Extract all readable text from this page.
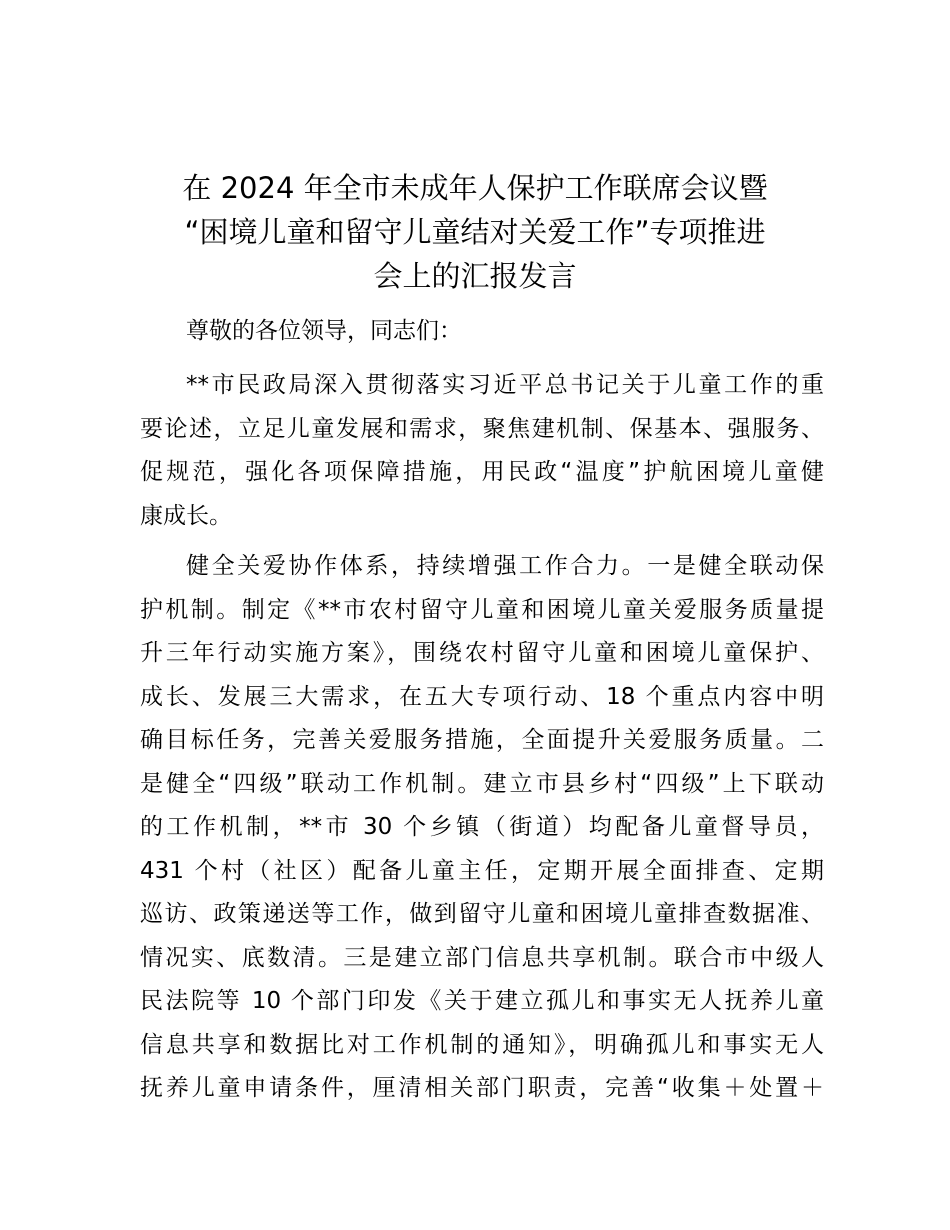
在 2024 年全市未成年人保护工作联席会议暨
“困境儿童和留守儿童结对关爱工作”专项推进
会上的汇报发言

尊敬的各位领导，同志们：

**市民政局深入贯彻落实习近平总书记关于儿童工作的重
要论述，立足儿童发展和需求，聚焦建机制、保基本、强服务、
促规范，强化各项保障措施，用民政“温度”护航困境儿童健
康成长。

健全关爱协作体系，持续增强工作合力。一是健全联动保
护机制。制定《**市农村留守儿童和困境儿童关爱服务质量提
升三年行动实施方案》，围绕农村留守儿童和困境儿童保护、
成长、发展三大需求，在五大专项行动、18 个重点内容中明
确目标任务，完善关爱服务措施，全面提升关爱服务质量。二
是健全“四级”联动工作机制。建立市县乡村“四级”上下联动
的工作机制，**市 30 个乡镇（街道）均配备儿童督导员，
431 个村（社区）配备儿童主任，定期开展全面排查、定期
巡访、政策递送等工作，做到留守儿童和困境儿童排查数据准、
情况实、底数清。三是建立部门信息共享机制。联合市中级人
民法院等 10 个部门印发《关于建立孤儿和事实无人抚养儿童
信息共享和数据比对工作机制的通知》，明确孤儿和事实无人
抚养儿童申请条件，厘清相关部门职责，完善“收集＋处置＋
